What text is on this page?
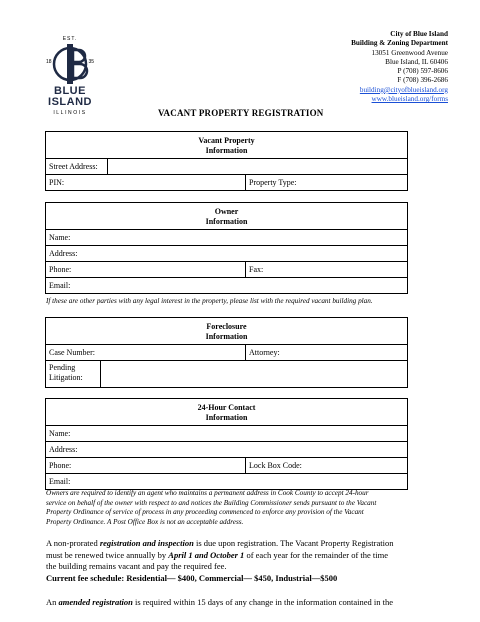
EST.
18	35
BLUE
ISLAND
ILLINOIS
City of Blue Island
Building & Zoning Department
13051 Greenwood Avenue
Blue Island, IL 60406
P (708) 597-8606
F (708) 396-2686
building@cityofblueisland.org
www.blueisland.org/forms
VACANT PROPERTY REGISTRATION
Vacant Property
Information

Street Address:
PIN:	Property Type:
Owner
Information

Name:
Address:
Phone:	Fax:
Email:
If these are other parties with any legal interest in the property, please list with the required vacant building plan.
Foreclosure
Information

Case Number:	Attorney:

Pending
Litigation:
24-Hour Contact
Information

Name:
Address:
Phone:	Lock Box Code:
Email:
Owners are required to identify an agent who maintains a permanent address in Cook County to accept 24-hour
service on behalf of the owner with respect to and notices the Building Commissioner sends pursuant to the Vacant
Property Ordinance of service of process in any proceeding commenced to enforce any provision of the Vacant
Property Ordinance. A Post Office Box is not an acceptable address.
A non-prorated registration and inspection is due upon registration. The Vacant Property Registration
must be renewed twice annually by April 1 and October 1 of each year for the remainder of the time
the building remains vacant and pay the required fee.
Current fee schedule: Residential— $400, Commercial— $450, Industrial—$500
An amended registration is required within 15 days of any change in the information contained in the
